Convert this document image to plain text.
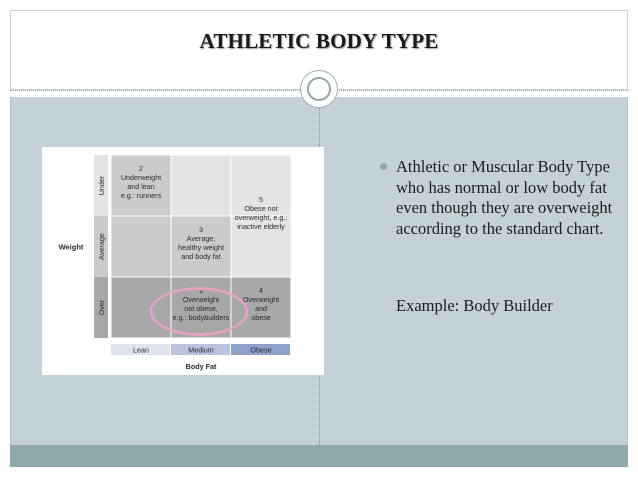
ATHLETIC BODY TYPE
Under
Average
Over
2
Underweight
and lean
e.g.: runners
3
Average,
healthy weight
and body fat
5
Obese not
overweight, e.g.:
inactive elderly
1
Overweight
not obese,
e.g.: bodybuilders
4
Overweight
and
obese
Lean	Medium	Obese
Weight
Body Fat
Athletic or Muscular Body Type who has normal or low body fat even though they are overweight according to the standard chart.
Example: Body Builder
